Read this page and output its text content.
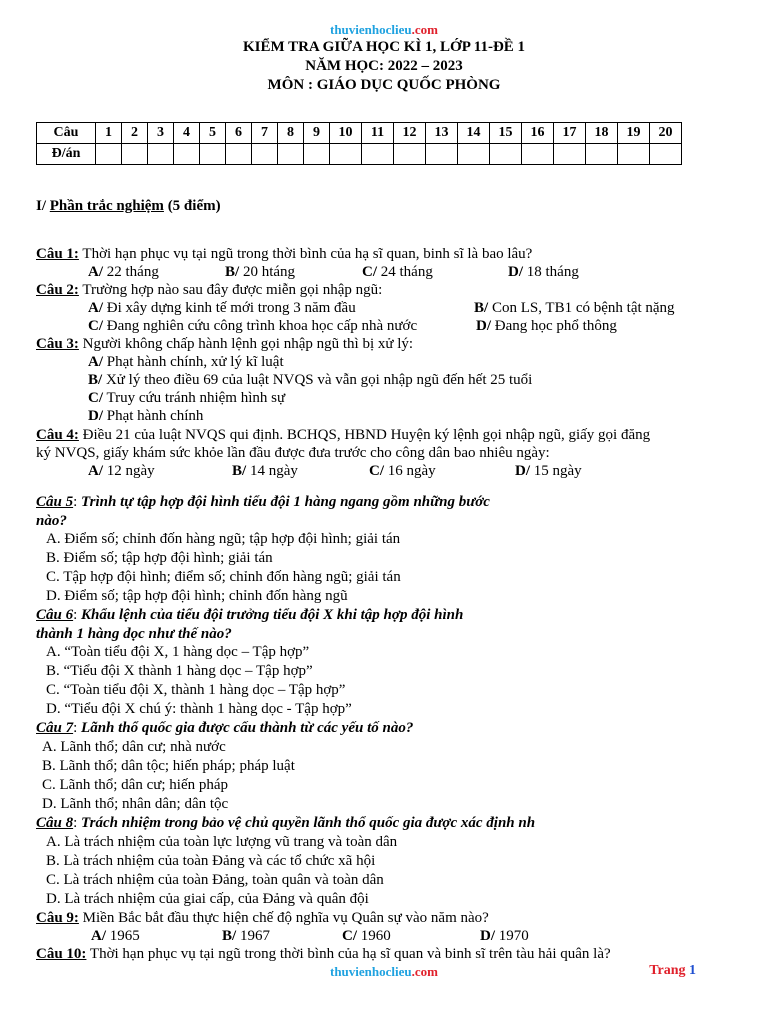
thuvienhoclieu.com
KIỂM TRA GIỮA HỌC KÌ 1, LỚP 11-ĐỀ 1
NĂM HỌC: 2022 – 2023
MÔN : GIÁO DỤC QUỐC PHÒNG
Câu	1	2	3	4	5	6	7	8	9	10	11	12	13	14	15	16	17	18	19	20
Đ/án																				
I/ Phần trắc nghiệm (5 điểm)
Câu 1: Thời hạn phục vụ tại ngũ trong thời bình của hạ sĩ quan, binh sĩ là bao lâu?
A/ 22 tháng	B/ 20 htáng	C/ 24 tháng	D/ 18 tháng
Câu 2: Trường hợp nào sau đây được miễn gọi nhập ngũ:
A/ Đi xây dựng kinh tế mới trong 3 năm đầu	B/ Con LS, TB1 có bệnh tật nặng
C/ Đang nghiên cứu công trình khoa học cấp nhà nước	D/ Đang học phổ thông
Câu 3: Người không chấp hành lệnh gọi nhập ngũ thì bị xử lý:
A/ Phạt hành chính, xử lý kĩ luật
B/ Xử lý theo điều 69 của luật NVQS và vẫn gọi nhập ngũ đến hết 25 tuổi
C/ Truy cứu tránh nhiệm hình sự
D/ Phạt hành chính
Câu 4: Điều 21 của luật NVQS qui định. BCHQS, HBND Huyện ký lệnh gọi nhập ngũ, giấy gọi đăng
ký NVQS, giấy khám sức khỏe lần đầu được đưa trước cho công dân bao nhiêu ngày:
A/ 12 ngày	B/ 14 ngày	C/ 16 ngày	D/ 15 ngày
Câu 5: Trình tự tập hợp đội hình tiểu đội 1 hàng ngang gồm những bước
nào?
A. Điểm số; chỉnh đốn hàng ngũ; tập hợp đội hình; giải tán
B. Điểm số; tập hợp đội hình; giải tán
C. Tập hợp đội hình; điểm số; chỉnh đốn hàng ngũ; giải tán
D. Điểm số; tập hợp đội hình; chỉnh đốn hàng ngũ
Câu 6: Khẩu lệnh của tiểu đội trưởng tiểu đội X khi tập hợp đội hình
thành 1 hàng dọc như thế nào?
A. “Toàn tiểu đội X, 1 hàng dọc – Tập hợp”
B. “Tiểu đội X thành 1 hàng dọc – Tập hợp”
C. “Toàn tiểu đội X, thành 1 hàng dọc – Tập hợp”
D. “Tiểu đội X chú ý: thành 1 hàng dọc - Tập hợp”
Câu 7: Lãnh thổ quốc gia được cấu thành từ các yếu tố nào?
A. Lãnh thổ; dân cư; nhà nước
B. Lãnh thổ; dân tộc; hiến pháp; pháp luật
C. Lãnh thổ; dân cư; hiến pháp
D. Lãnh thổ; nhân dân; dân tộc
Câu 8: Trách nhiệm trong bảo vệ chủ quyền lãnh thổ quốc gia được xác định nh
A. Là trách nhiệm của toàn lực lượng vũ trang và toàn dân
B. Là trách nhiệm của toàn Đảng và các tổ chức xã hội
C. Là trách nhiệm của toàn Đảng, toàn quân và toàn dân
D. Là trách nhiệm của giai cấp, của Đảng và quân đội
Câu 9: Miền Bắc bắt đầu thực hiện chế độ nghĩa vụ Quân sự vào năm nào?
A/ 1965	B/ 1967	C/ 1960	D/ 1970
Câu 10: Thời hạn phục vụ tại ngũ trong thời bình của hạ sĩ quan và binh sĩ trên tàu hải quân là?
thuvienhoclieu.com	Trang 1
